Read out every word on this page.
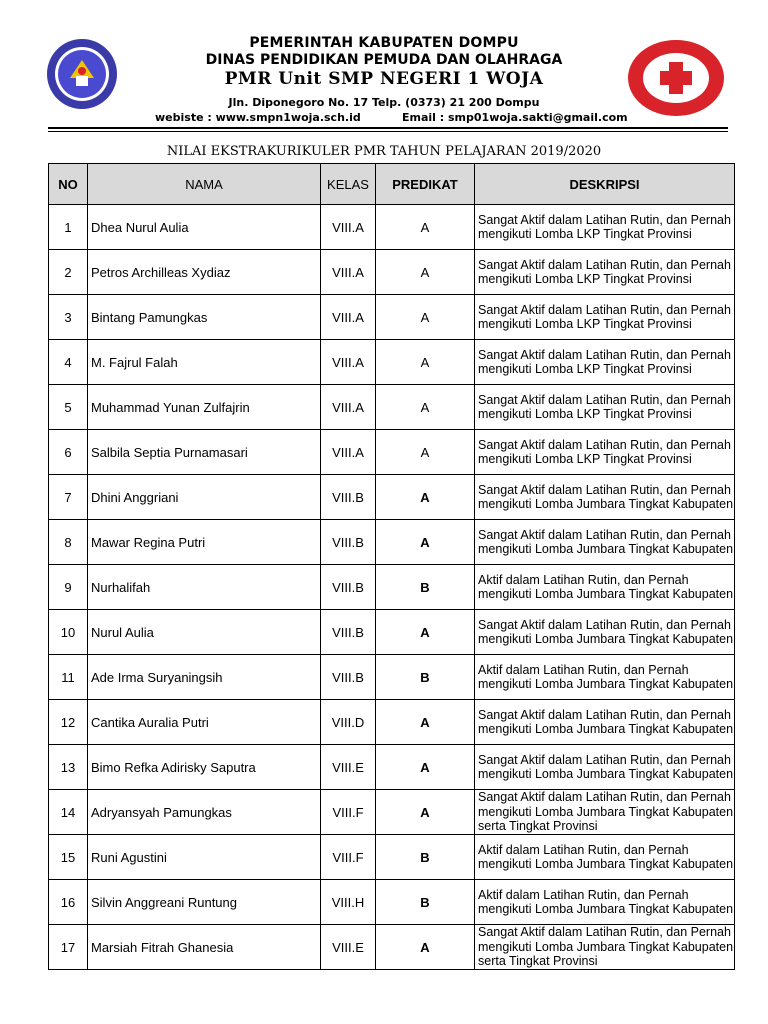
PEMERINTAH KABUPATEN DOMPU
DINAS PENDIDIKAN PEMUDA DAN OLAHRAGA
PMR Unit SMP NEGERI 1 WOJA
Jln. Diponegoro No. 17 Telp. (0373) 21 200 Dompu
webiste : www.smpn1woja.sch.id	Email : smp01woja.sakti@gmail.com
NILAI EKSTRAKURIKULER PMR TAHUN PELAJARAN 2019/2020
NO	NAMA	KELAS	PREDIKAT	DESKRIPSI
1	Dhea Nurul Aulia	VIII.A	A	Sangat Aktif dalam Latihan Rutin, dan Pernah mengikuti Lomba LKP Tingkat Provinsi
2	Petros Archilleas Xydiaz	VIII.A	A	Sangat Aktif dalam Latihan Rutin, dan Pernah mengikuti Lomba LKP Tingkat Provinsi
3	Bintang Pamungkas	VIII.A	A	Sangat Aktif dalam Latihan Rutin, dan Pernah mengikuti Lomba LKP Tingkat Provinsi
4	M. Fajrul Falah	VIII.A	A	Sangat Aktif dalam Latihan Rutin, dan Pernah mengikuti Lomba LKP Tingkat Provinsi
5	Muhammad Yunan Zulfajrin	VIII.A	A	Sangat Aktif dalam Latihan Rutin, dan Pernah mengikuti Lomba LKP Tingkat Provinsi
6	Salbila Septia Purnamasari	VIII.A	A	Sangat Aktif dalam Latihan Rutin, dan Pernah mengikuti Lomba LKP Tingkat Provinsi
7	Dhini Anggriani	VIII.B	A	Sangat Aktif dalam Latihan Rutin, dan Pernah mengikuti Lomba Jumbara Tingkat Kabupaten
8	Mawar Regina Putri	VIII.B	A	Sangat Aktif dalam Latihan Rutin, dan Pernah mengikuti Lomba Jumbara Tingkat Kabupaten
9	Nurhalifah	VIII.B	B	Aktif dalam Latihan Rutin, dan Pernah mengikuti Lomba Jumbara Tingkat Kabupaten
10	Nurul Aulia	VIII.B	A	Sangat Aktif dalam Latihan Rutin, dan Pernah mengikuti Lomba Jumbara Tingkat Kabupaten
11	Ade Irma Suryaningsih	VIII.B	B	Aktif dalam Latihan Rutin, dan Pernah mengikuti Lomba Jumbara Tingkat Kabupaten
12	Cantika Auralia Putri	VIII.D	A	Sangat Aktif dalam Latihan Rutin, dan Pernah mengikuti Lomba Jumbara Tingkat Kabupaten
13	Bimo Refka Adirisky Saputra	VIII.E	A	Sangat Aktif dalam Latihan Rutin, dan Pernah mengikuti Lomba Jumbara Tingkat Kabupaten
14	Adryansyah Pamungkas	VIII.F	A	Sangat Aktif dalam Latihan Rutin, dan Pernah mengikuti Lomba Jumbara Tingkat Kabupaten serta Tingkat Provinsi
15	Runi Agustini	VIII.F	B	Aktif dalam Latihan Rutin, dan Pernah mengikuti Lomba Jumbara Tingkat Kabupaten
16	Silvin Anggreani Runtung	VIII.H	B	Aktif dalam Latihan Rutin, dan Pernah mengikuti Lomba Jumbara Tingkat Kabupaten
17	Marsiah Fitrah Ghanesia	VIII.E	A	Sangat Aktif dalam Latihan Rutin, dan Pernah mengikuti Lomba Jumbara Tingkat Kabupaten serta Tingkat Provinsi
